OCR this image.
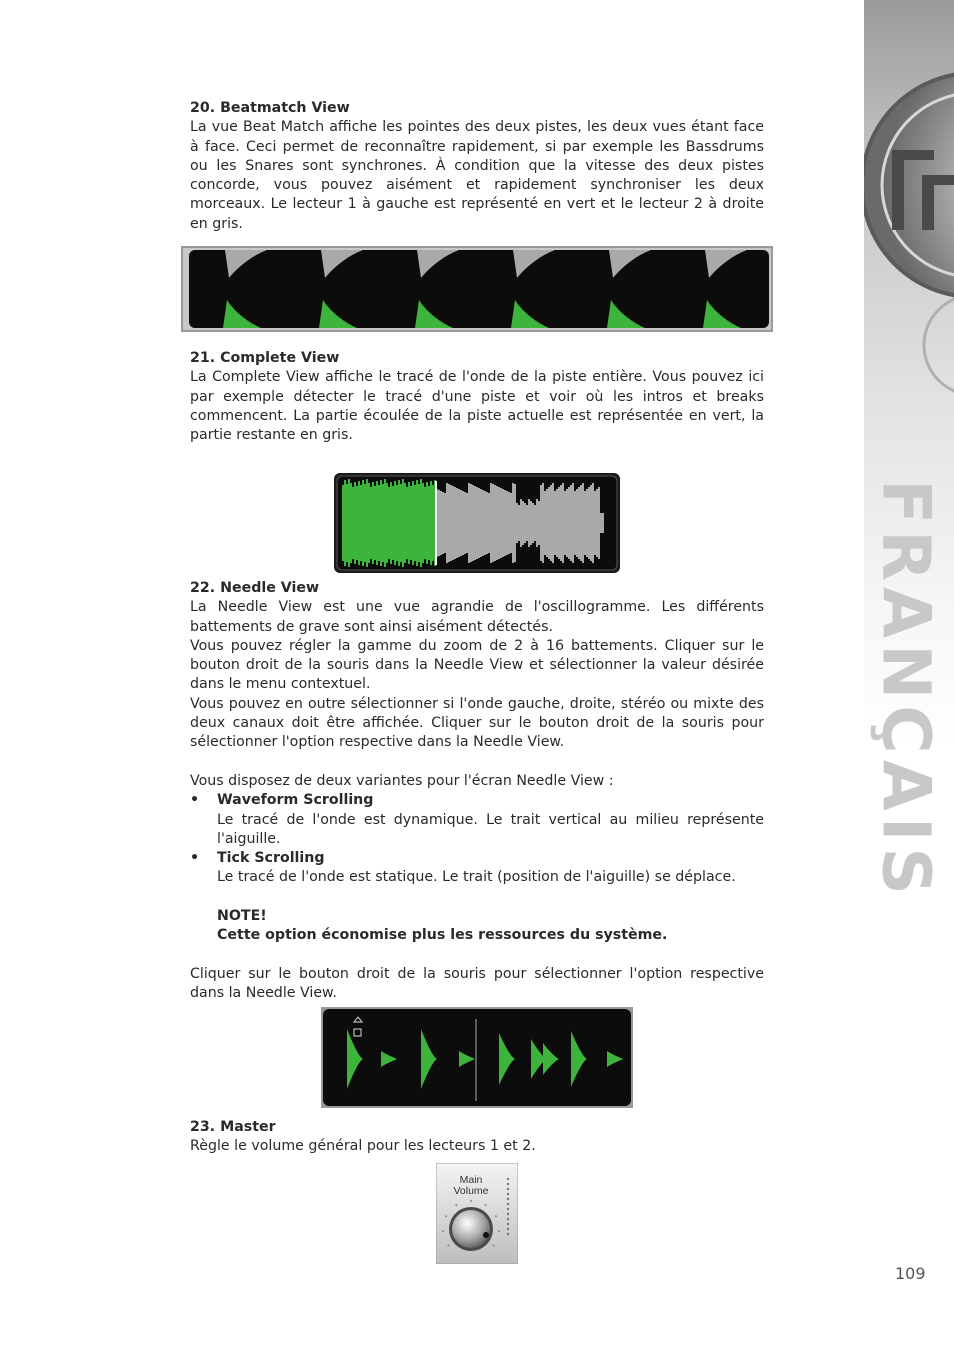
FRANÇAIS

20. Beatmatch View

La vue Beat Match affiche les pointes des deux pistes, les deux vues étant face à face. Ceci permet de reconnaître rapidement, si par exemple les Bassdrums ou les Snares sont synchrones. À condition que la vitesse des deux pistes concorde, vous pouvez aisément et rapidement synchroniser les deux morceaux. Le lecteur 1 à gauche est représenté en vert et le lecteur 2 à droite en gris.

21. Complete View

La Complete View affiche le tracé de l'onde de la piste entière. Vous pouvez ici par exemple détecter le tracé d'une piste et voir où les intros et breaks commencent. La partie écoulée de la piste actuelle est représentée en vert, la partie restante en gris.

22. Needle View

La Needle View est une vue agrandie de l'oscillogramme. Les différents battements de grave sont ainsi aisément détectés.

Vous pouvez régler la gamme du zoom de 2 à 16 battements. Cliquer sur le bouton droit de la souris dans la Needle View et sélectionner la valeur désirée dans le menu contextuel.

Vous pouvez en outre sélectionner si l'onde gauche, droite, stéréo ou mixte des deux canaux doit être affichée. Cliquer sur le bouton droit de la souris pour sélectionner l'option respective dans la Needle View.

Vous disposez de deux variantes pour l'écran Needle View :

• Waveform Scrolling

Le tracé de l'onde est dynamique. Le trait vertical au milieu représente l'aiguille.

• Tick Scrolling

Le tracé de l'onde est statique. Le trait (position de l'aiguille) se déplace.

NOTE!

Cette option économise plus les ressources du système.

Cliquer sur le bouton droit de la souris pour sélectionner l'option respective dans la Needle View.

23. Master

Règle le volume général pour les lecteurs 1 et 2.

Main
Volume
109
